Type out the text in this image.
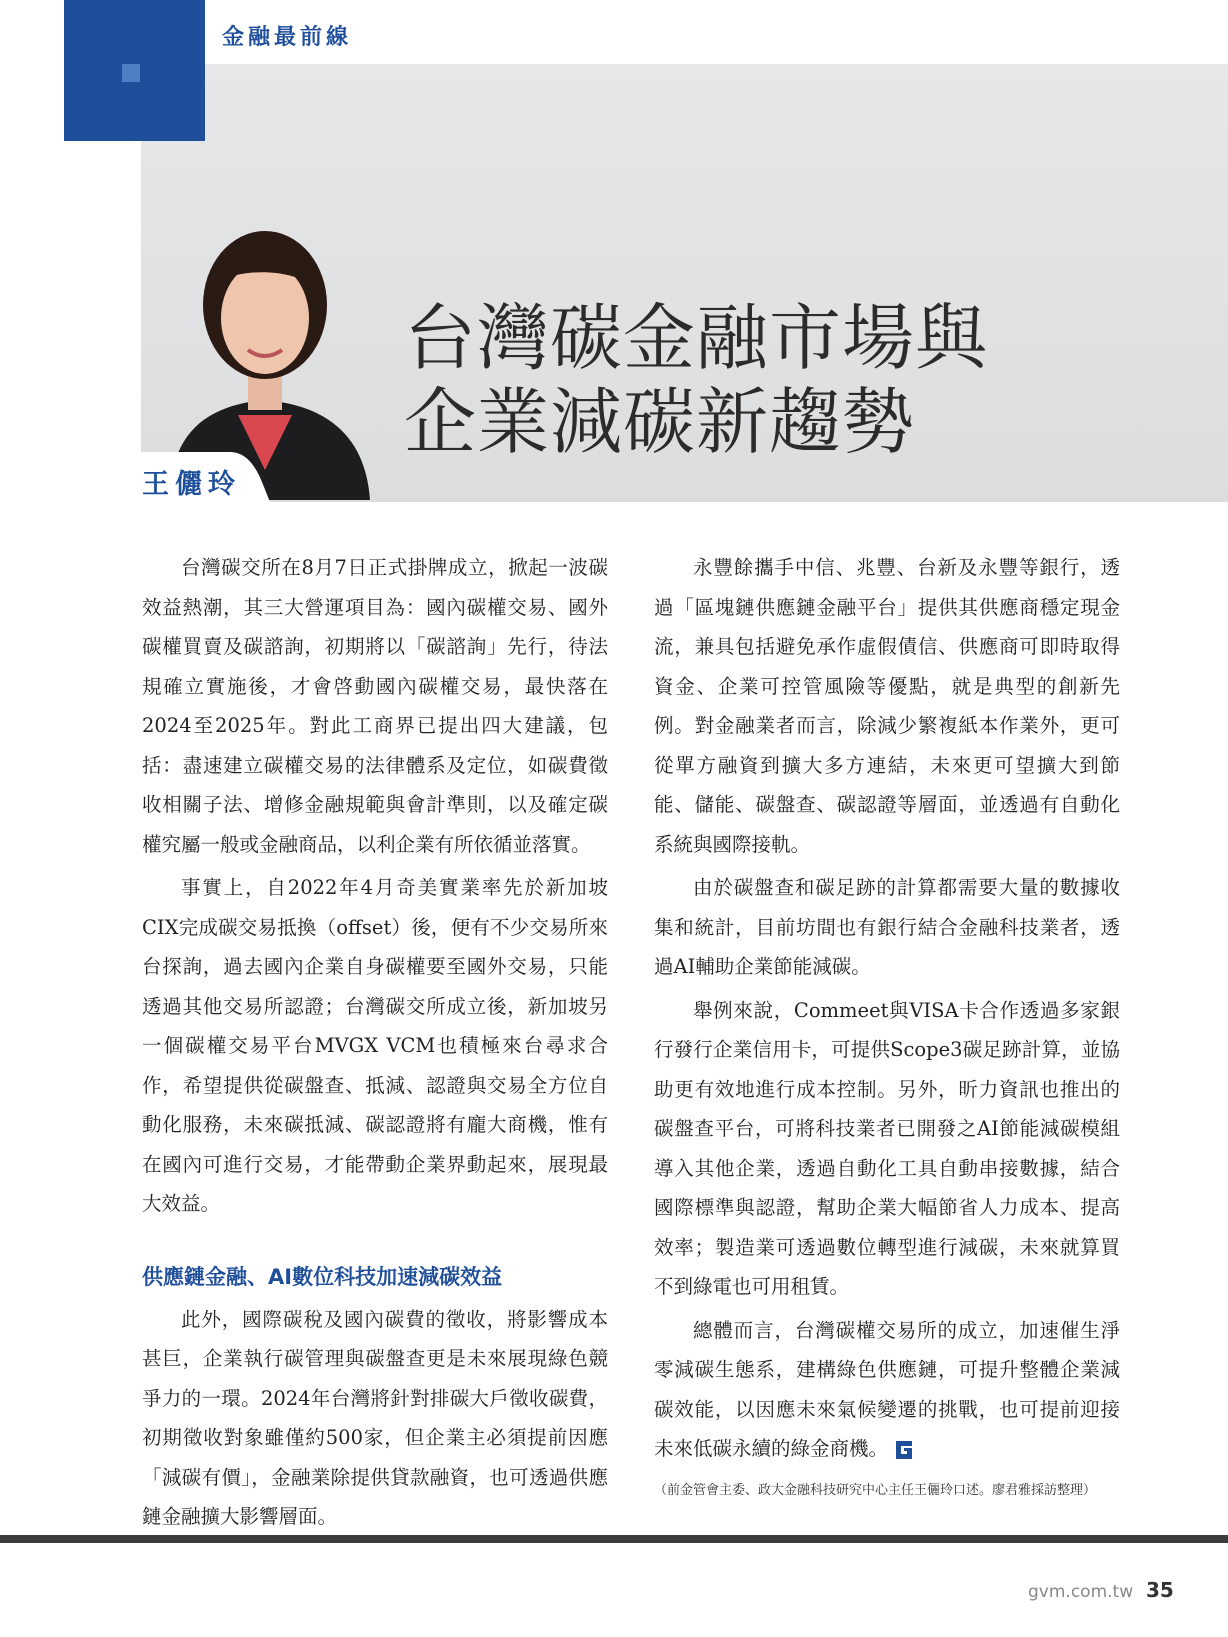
金融最前線
王儷玲
台灣碳金融市場與
企業減碳新趨勢

台灣碳交所在8月7日正式掛牌成立，掀起一波碳效益熱潮，其三大營運項目為：國內碳權交易、國外碳權買賣及碳諮詢，初期將以「碳諮詢」先行，待法規確立實施後，才會啓動國內碳權交易，最快落在2024至2025年。對此工商界已提出四大建議，包括：盡速建立碳權交易的法律體系及定位，如碳費徵收相關子法、增修金融規範與會計準則，以及確定碳權究屬一般或金融商品，以利企業有所依循並落實。

事實上，自2022年4月奇美實業率先於新加坡CIX完成碳交易抵換（offset）後，便有不少交易所來台探詢，過去國內企業自身碳權要至國外交易，只能透過其他交易所認證；台灣碳交所成立後，新加坡另一個碳權交易平台MVGX VCM也積極來台尋求合作，希望提供從碳盤查、抵減、認證與交易全方位自動化服務，未來碳抵減、碳認證將有龐大商機，惟有在國內可進行交易，才能帶動企業界動起來，展現最大效益。

供應鏈金融、AI數位科技加速減碳效益

此外，國際碳稅及國內碳費的徵收，將影響成本甚巨，企業執行碳管理與碳盤查更是未來展現綠色競爭力的一環。2024年台灣將針對排碳大戶徵收碳費，初期徵收對象雖僅約500家，但企業主必須提前因應「減碳有價」，金融業除提供貸款融資，也可透過供應鏈金融擴大影響層面。

永豐餘攜手中信、兆豐、台新及永豐等銀行，透過「區塊鏈供應鏈金融平台」提供其供應商穩定現金流，兼具包括避免承作虛假債信、供應商可即時取得資金、企業可控管風險等優點，就是典型的創新先例。對金融業者而言，除減少繁複紙本作業外，更可從單方融資到擴大多方連結，未來更可望擴大到節能、儲能、碳盤查、碳認證等層面，並透過有自動化系統與國際接軌。

由於碳盤查和碳足跡的計算都需要大量的數據收集和統計，目前坊間也有銀行結合金融科技業者，透過AI輔助企業節能減碳。

舉例來說，Commeet與VISA卡合作透過多家銀行發行企業信用卡，可提供Scope3碳足跡計算，並協助更有效地進行成本控制。另外，昕力資訊也推出的碳盤查平台，可將科技業者已開發之AI節能減碳模組導入其他企業，透過自動化工具自動串接數據，結合國際標準與認證，幫助企業大幅節省人力成本、提高效率；製造業可透過數位轉型進行減碳，未來就算買不到綠電也可用租賃。

總體而言，台灣碳權交易所的成立，加速催生淨零減碳生態系，建構綠色供應鏈，可提升整體企業減碳效能，以因應未來氣候變遷的挑戰，也可提前迎接未來低碳永續的綠金商機。

（前金管會主委、政大金融科技研究中心主任王儷玲口述。廖君雅採訪整理）

gvm.com.tw 35
